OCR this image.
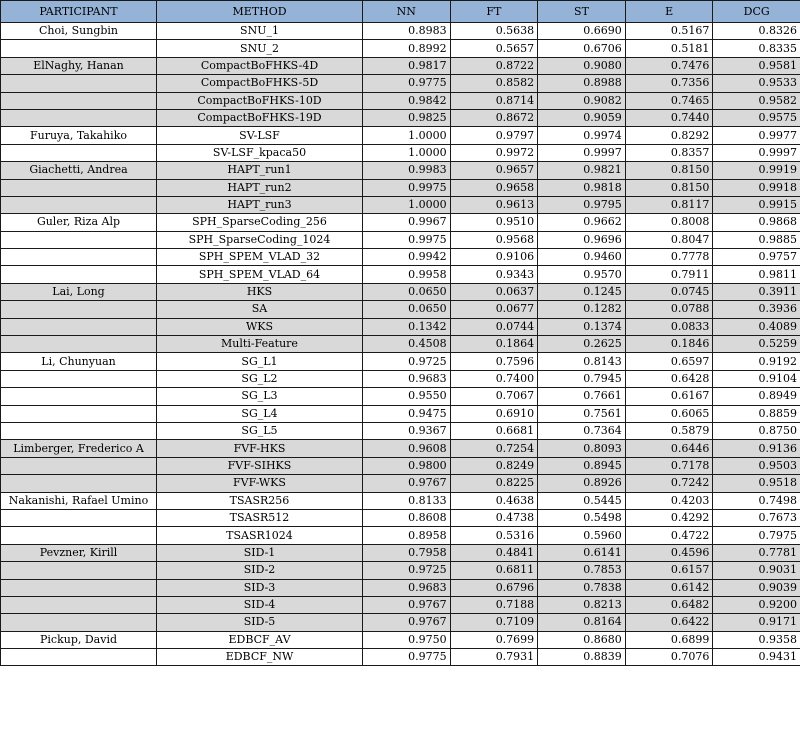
PARTICIPANT	METHOD	NN	FT	ST	E	DCG
Choi, Sungbin	SNU_1	0.8983	0.5638	0.6690	0.5167	0.8326
	SNU_2	0.8992	0.5657	0.6706	0.5181	0.8335
ElNaghy, Hanan	CompactBoFHKS-4D	0.9817	0.8722	0.9080	0.7476	0.9581
	CompactBoFHKS-5D	0.9775	0.8582	0.8988	0.7356	0.9533
	CompactBoFHKS-10D	0.9842	0.8714	0.9082	0.7465	0.9582
	CompactBoFHKS-19D	0.9825	0.8672	0.9059	0.7440	0.9575
Furuya, Takahiko	SV-LSF	1.0000	0.9797	0.9974	0.8292	0.9977
	SV-LSF_kpaca50	1.0000	0.9972	0.9997	0.8357	0.9997
Giachetti, Andrea	HAPT_run1	0.9983	0.9657	0.9821	0.8150	0.9919
	HAPT_run2	0.9975	0.9658	0.9818	0.8150	0.9918
	HAPT_run3	1.0000	0.9613	0.9795	0.8117	0.9915
Guler, Riza Alp	SPH_SparseCoding_256	0.9967	0.9510	0.9662	0.8008	0.9868
	SPH_SparseCoding_1024	0.9975	0.9568	0.9696	0.8047	0.9885
	SPH_SPEM_VLAD_32	0.9942	0.9106	0.9460	0.7778	0.9757
	SPH_SPEM_VLAD_64	0.9958	0.9343	0.9570	0.7911	0.9811
Lai, Long	HKS	0.0650	0.0637	0.1245	0.0745	0.3911
	SA	0.0650	0.0677	0.1282	0.0788	0.3936
	WKS	0.1342	0.0744	0.1374	0.0833	0.4089
	Multi-Feature	0.4508	0.1864	0.2625	0.1846	0.5259
Li, Chunyuan	SG_L1	0.9725	0.7596	0.8143	0.6597	0.9192
	SG_L2	0.9683	0.7400	0.7945	0.6428	0.9104
	SG_L3	0.9550	0.7067	0.7661	0.6167	0.8949
	SG_L4	0.9475	0.6910	0.7561	0.6065	0.8859
	SG_L5	0.9367	0.6681	0.7364	0.5879	0.8750
Limberger, Frederico A	FVF-HKS	0.9608	0.7254	0.8093	0.6446	0.9136
	FVF-SIHKS	0.9800	0.8249	0.8945	0.7178	0.9503
	FVF-WKS	0.9767	0.8225	0.8926	0.7242	0.9518
Nakanishi, Rafael Umino	TSASR256	0.8133	0.4638	0.5445	0.4203	0.7498
	TSASR512	0.8608	0.4738	0.5498	0.4292	0.7673
	TSASR1024	0.8958	0.5316	0.5960	0.4722	0.7975
Pevzner, Kirill	SID-1	0.7958	0.4841	0.6141	0.4596	0.7781
	SID-2	0.9725	0.6811	0.7853	0.6157	0.9031
	SID-3	0.9683	0.6796	0.7838	0.6142	0.9039
	SID-4	0.9767	0.7188	0.8213	0.6482	0.9200
	SID-5	0.9767	0.7109	0.8164	0.6422	0.9171
Pickup, David	EDBCF_AV	0.9750	0.7699	0.8680	0.6899	0.9358
	EDBCF_NW	0.9775	0.7931	0.8839	0.7076	0.9431
